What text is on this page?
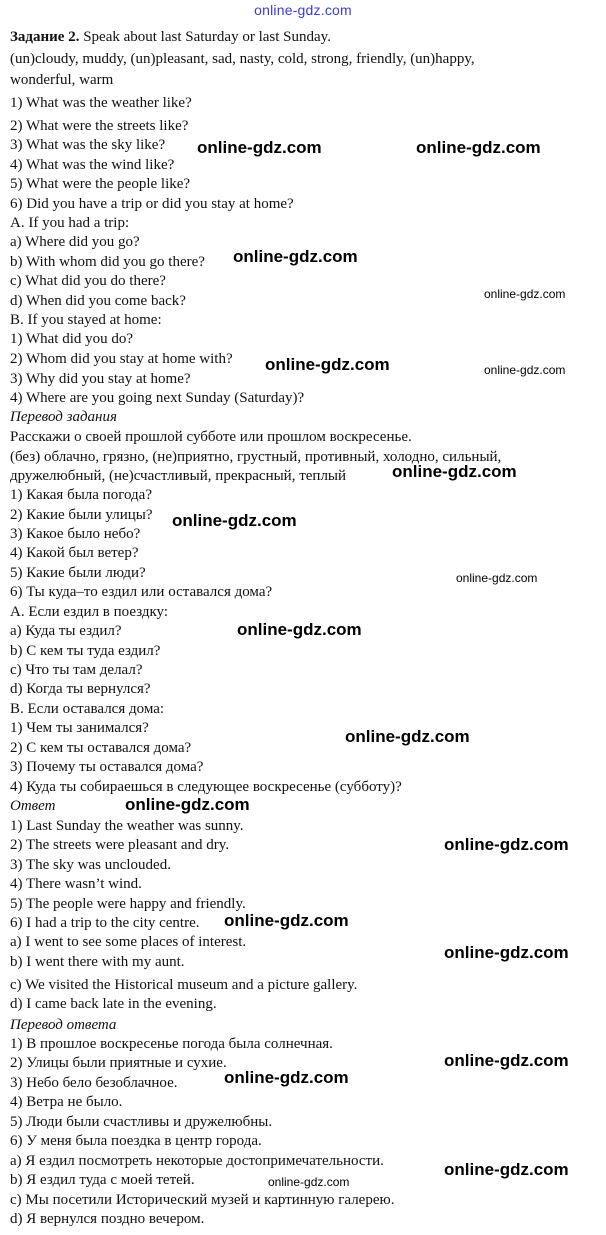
online-gdz.com
Задание 2. Speak about last Saturday or last Sunday.
(un)cloudy, muddy, (un)pleasant, sad, nasty, cold, strong, friendly, (un)happy,
wonderful, warm
1) What was the weather like?
2) What were the streets like?
3) What was the sky like?
4) What was the wind like?
5) What were the people like?
6) Did you have a trip or did you stay at home?
A. If you had a trip:
a) Where did you go?
b) With whom did you go there?
c) What did you do there?
d) When did you come back?
B. If you stayed at home:
1) What did you do?
2) Whom did you stay at home with?
3) Why did you stay at home?
4) Where are you going next Sunday (Saturday)?
Перевод задания
Расскажи о своей прошлой субботе или прошлом воскресенье.
(без) облачно, грязно, (не)приятно, грустный, противный, холодно, сильный,
дружелюбный, (не)счастливый, прекрасный, теплый
1) Какая была погода?
2) Какие были улицы?
3) Какое было небо?
4) Какой был ветер?
5) Какие были люди?
6) Ты куда–то ездил или оставался дома?
A. Если ездил в поездку:
a) Куда ты ездил?
b) С кем ты туда ездил?
c) Что ты там делал?
d) Когда ты вернулся?
B. Если оставался дома:
1) Чем ты занимался?
2) С кем ты оставался дома?
3) Почему ты оставался дома?
4) Куда ты собираешься в следующее воскресенье (субботу)?
Ответ
1) Last Sunday the weather was sunny.
2) The streets were pleasant and dry.
3) The sky was unclouded.
4) There wasn’t wind.
5) The people were happy and friendly.
6) I had a trip to the city centre.
a) I went to see some places of interest.
b) I went there with my aunt.
c) We visited the Historical museum and a picture gallery.
d) I came back late in the evening.
Перевод ответа
1) В прошлое воскресенье погода была солнечная.
2) Улицы были приятные и сухие.
3) Небо бело безоблачное.
4) Ветра не было.
5) Люди были счастливы и дружелюбны.
6) У меня была поездка в центр города.
a) Я ездил посмотреть некоторые достопримечательности.
b) Я ездил туда с моей тетей.
c) Мы посетили Исторический музей и картинную галерею.
d) Я вернулся поздно вечером.
online-gdz.com	online-gdz.com
online-gdz.com
online-gdz.com
online-gdz.com	online-gdz.com
online-gdz.com
online-gdz.com
online-gdz.com
online-gdz.com
online-gdz.com
online-gdz.com
online-gdz.com
online-gdz.com
online-gdz.com
online-gdz.com
online-gdz.com
online-gdz.com
online-gdz.com
